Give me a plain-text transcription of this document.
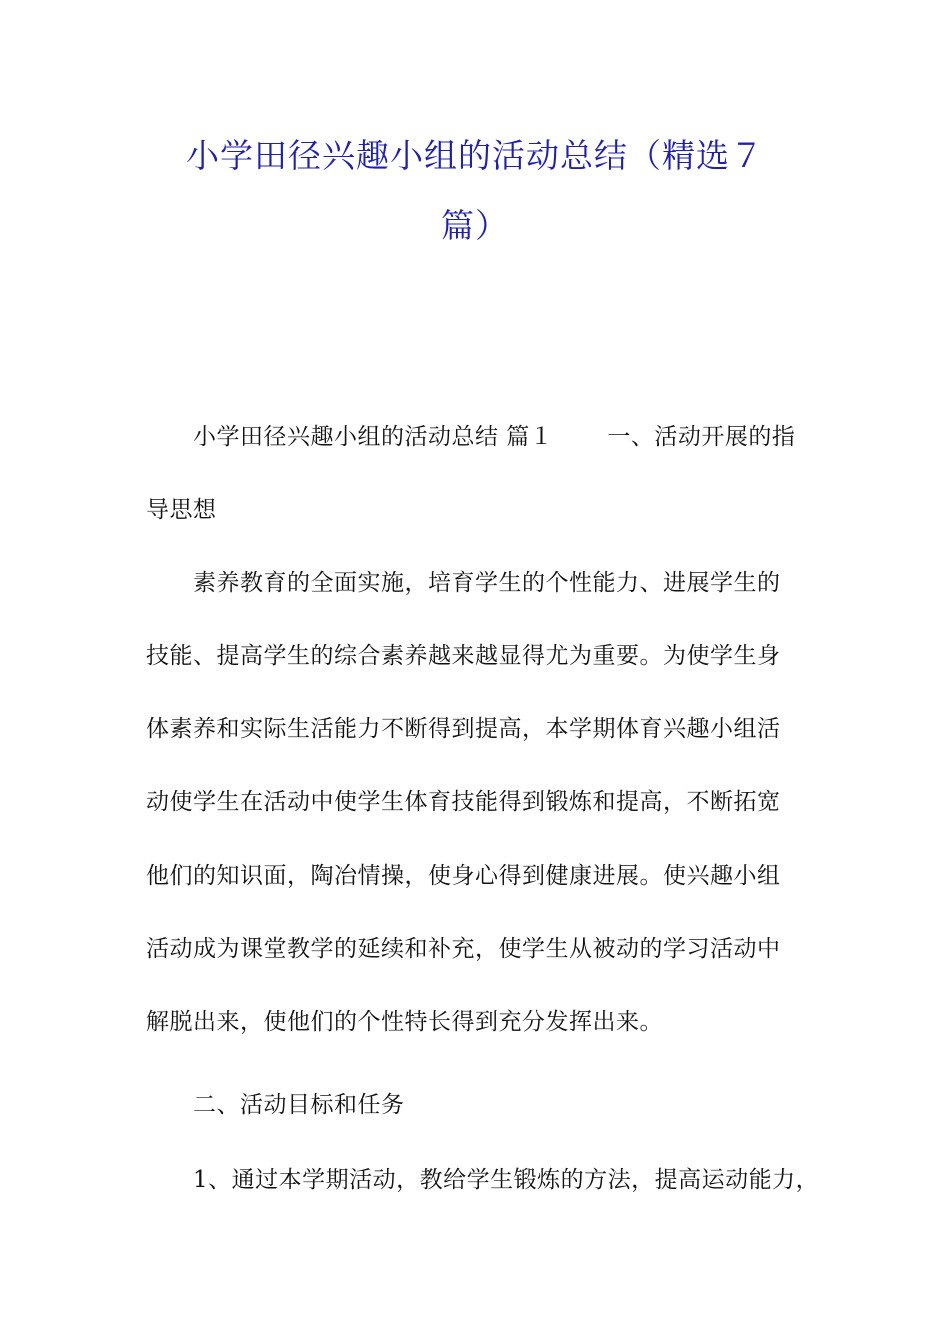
小学田径兴趣小组的活动总结（精选７
篇）
小学田径兴趣小组的活动总结 篇１ 一、活动开展的指
导思想
素养教育的全面实施，培育学生的个性能力、进展学生的
技能、提高学生的综合素养越来越显得尤为重要。为使学生身
体素养和实际生活能力不断得到提高，本学期体育兴趣小组活
动使学生在活动中使学生体育技能得到锻炼和提高，不断拓宽
他们的知识面，陶冶情操，使身心得到健康进展。使兴趣小组
活动成为课堂教学的延续和补充，使学生从被动的学习活动中
解脱出来，使他们的个性特长得到充分发挥出来。
二、活动目标和任务
1、通过本学期活动，教给学生锻炼的方法，提高运动能力，
